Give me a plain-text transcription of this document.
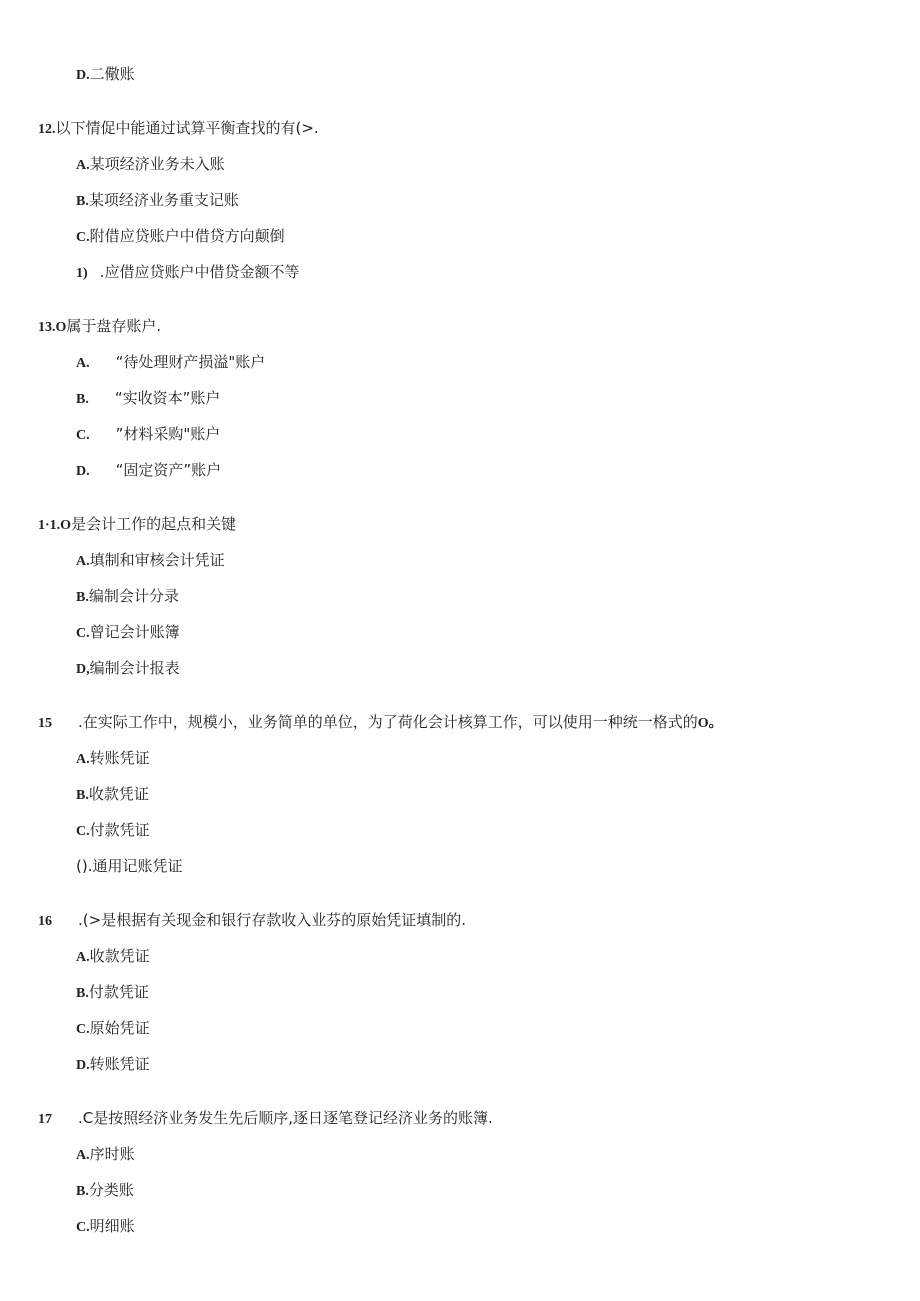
D.二儆账
12.以下情促中能通过试算平衡查找的有(>.
A.某项经济业务未入账
B.某项经济业务重支记账
C.附借应贷账户中借贷方向颠倒
1) .应借应贷账户中借贷金额不等
13.O属于盘存账户.
A. “待处理财产损溢"账户
B. “实收资本”账户
C. ”材料采购"账户
D. “固定资产”账户
1·1.O是会计工作的起点和关键
A.填制和审核会计凭证
B.编制会计分录
C.曾记会计账簿
D,编制会计报表
15 .在实际工作中，规模小，业务简单的单位，为了荷化会计核算工作，可以使用一种统一格式的O。
A.转账凭证
B.收款凭证
C.付款凭证
().通用记账凭证
16 .(>是根据有关现金和银行存款收入业芬的原始凭证填制的.
A.收款凭证
B.付款凭证
C.原始凭证
D.转账凭证
17 .C是按照经济业务发生先后顺序,逐日逐笔登记经济业务的账簿.
A.序时账
B.分类账
C.明细账
